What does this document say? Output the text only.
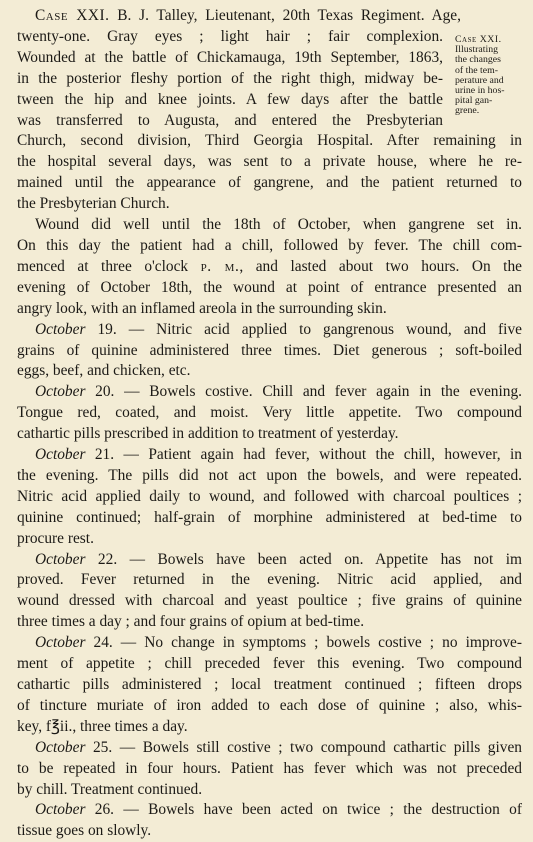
Case XXI. B. J. Talley, Lieutenant, 20th Texas Regiment. Age,
twenty-one. Gray eyes ; light hair ; fair complexion.
Wounded at the battle of Chickamauga, 19th September, 1863,
in the posterior fleshy portion of the right thigh, midway be-
tween the hip and knee joints. A few days after the battle
was transferred to Augusta, and entered the Presbyterian
Church, second division, Third Georgia Hospital. After remaining in
the hospital several days, was sent to a private house, where he re-
mained until the appearance of gangrene, and the patient returned to
the Presbyterian Church.
Wound did well until the 18th of October, when gangrene set in.
On this day the patient had a chill, followed by fever. The chill com-
menced at three o'clock p. m., and lasted about two hours. On the
evening of October 18th, the wound at point of entrance presented an
angry look, with an inflamed areola in the surrounding skin.
October 19. — Nitric acid applied to gangrenous wound, and five
grains of quinine administered three times. Diet generous ; soft-boiled
eggs, beef, and chicken, etc.
October 20. — Bowels costive. Chill and fever again in the evening.
Tongue red, coated, and moist. Very little appetite. Two compound
cathartic pills prescribed in addition to treatment of yesterday.
October 21. — Patient again had fever, without the chill, however, in
the evening. The pills did not act upon the bowels, and were repeated.
Nitric acid applied daily to wound, and followed with charcoal poultices ;
quinine continued; half-grain of morphine administered at bed-time to
procure rest.
October 22. — Bowels have been acted on. Appetite has not im
proved. Fever returned in the evening. Nitric acid applied, and
wound dressed with charcoal and yeast poultice ; five grains of quinine
three times a day ; and four grains of opium at bed-time.
October 24. — No change in symptoms ; bowels costive ; no improve-
ment of appetite ; chill preceded fever this evening. Two compound
cathartic pills administered ; local treatment continued ; fifteen drops
of tincture muriate of iron added to each dose of quinine ; also, whis-
key, f℥ii., three times a day.
October 25. — Bowels still costive ; two compound cathartic pills given
to be repeated in four hours. Patient has fever which was not preceded
by chill. Treatment continued.
October 26. — Bowels have been acted on twice ; the destruction of
tissue goes on slowly.
Case XXI.
Illustrating
the changes
of the tem-
perature and
urine in hos-
pital gan-
grene.
